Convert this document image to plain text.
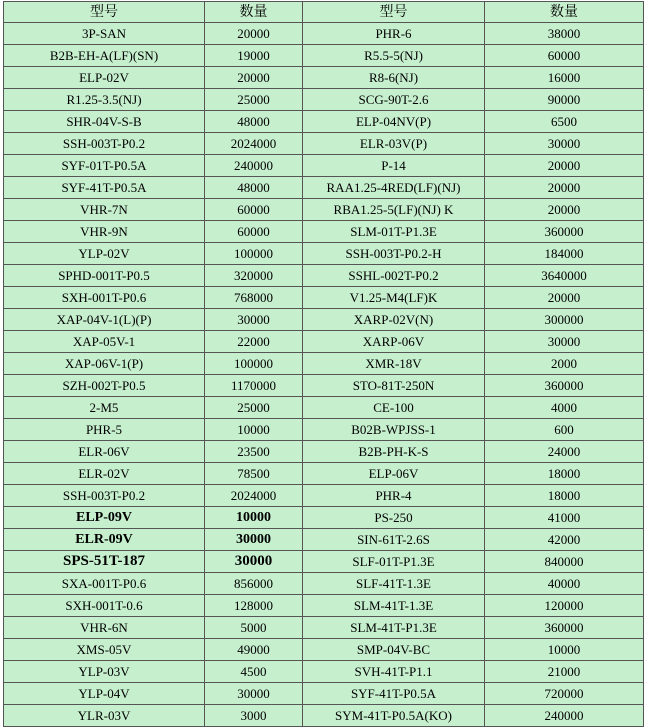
型号	数量	型号	数量
3P-SAN	20000	PHR-6	38000
B2B-EH-A(LF)(SN)	19000	R5.5-5(NJ)	60000
ELP-02V	20000	R8-6(NJ)	16000
R1.25-3.5(NJ)	25000	SCG-90T-2.6	90000
SHR-04V-S-B	48000	ELP-04NV(P)	6500
SSH-003T-P0.2	2024000	ELR-03V(P)	30000
SYF-01T-P0.5A	240000	P-14	20000
SYF-41T-P0.5A	48000	RAA1.25-4RED(LF)(NJ)	20000
VHR-7N	60000	RBA1.25-5(LF)(NJ) K	20000
VHR-9N	60000	SLM-01T-P1.3E	360000
YLP-02V	100000	SSH-003T-P0.2-H	184000
SPHD-001T-P0.5	320000	SSHL-002T-P0.2	3640000
SXH-001T-P0.6	768000	V1.25-M4(LF)K	20000
XAP-04V-1(L)(P)	30000	XARP-02V(N)	300000
XAP-05V-1	22000	XARP-06V	30000
XAP-06V-1(P)	100000	XMR-18V	2000
SZH-002T-P0.5	1170000	STO-81T-250N	360000
2-M5	25000	CE-100	4000
PHR-5	10000	B02B-WPJSS-1	600
ELR-06V	23500	B2B-PH-K-S	24000
ELR-02V	78500	ELP-06V	18000
SSH-003T-P0.2	2024000	PHR-4	18000
ELP-09V	10000	PS-250	41000
ELR-09V	30000	SIN-61T-2.6S	42000
SPS-51T-187	30000	SLF-01T-P1.3E	840000
SXA-001T-P0.6	856000	SLF-41T-1.3E	40000
SXH-001T-0.6	128000	SLM-41T-1.3E	120000
VHR-6N	5000	SLM-41T-P1.3E	360000
XMS-05V	49000	SMP-04V-BC	10000
YLP-03V	4500	SVH-41T-P1.1	21000
YLP-04V	30000	SYF-41T-P0.5A	720000
YLR-03V	3000	SYM-41T-P0.5A(KO)	240000
